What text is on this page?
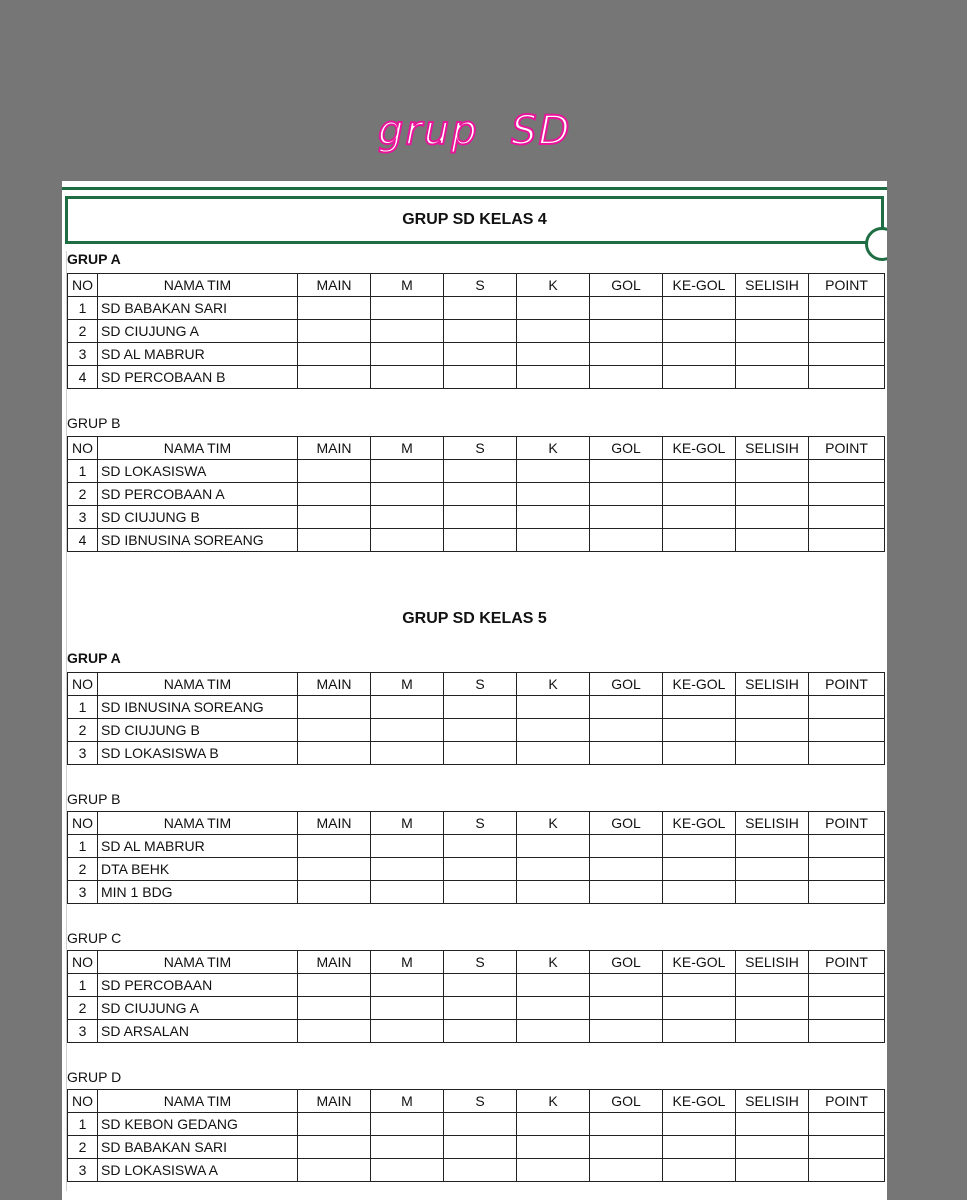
grup SD
GRUP SD KELAS 4
GRUP A
NO	NAMA TIM	MAIN	M	S	K	GOL	KE-GOL	SELISIH	POINT
1	SD BABAKAN SARI								
2	SD CIUJUNG A								
3	SD AL MABRUR								
4	SD PERCOBAAN B								
GRUP B
NO	NAMA TIM	MAIN	M	S	K	GOL	KE-GOL	SELISIH	POINT
1	SD LOKASISWA								
2	SD PERCOBAAN A								
3	SD CIUJUNG B								
4	SD IBNUSINA SOREANG								
GRUP SD KELAS 5
GRUP A
NO	NAMA TIM	MAIN	M	S	K	GOL	KE-GOL	SELISIH	POINT
1	SD IBNUSINA SOREANG								
2	SD CIUJUNG B								
3	SD LOKASISWA B								
GRUP B
NO	NAMA TIM	MAIN	M	S	K	GOL	KE-GOL	SELISIH	POINT
1	SD AL MABRUR								
2	DTA BEHK								
3	MIN 1 BDG								
GRUP C
NO	NAMA TIM	MAIN	M	S	K	GOL	KE-GOL	SELISIH	POINT
1	SD PERCOBAAN								
2	SD CIUJUNG A								
3	SD ARSALAN								
GRUP D
NO	NAMA TIM	MAIN	M	S	K	GOL	KE-GOL	SELISIH	POINT
1	SD KEBON GEDANG								
2	SD BABAKAN SARI								
3	SD LOKASISWA A								
